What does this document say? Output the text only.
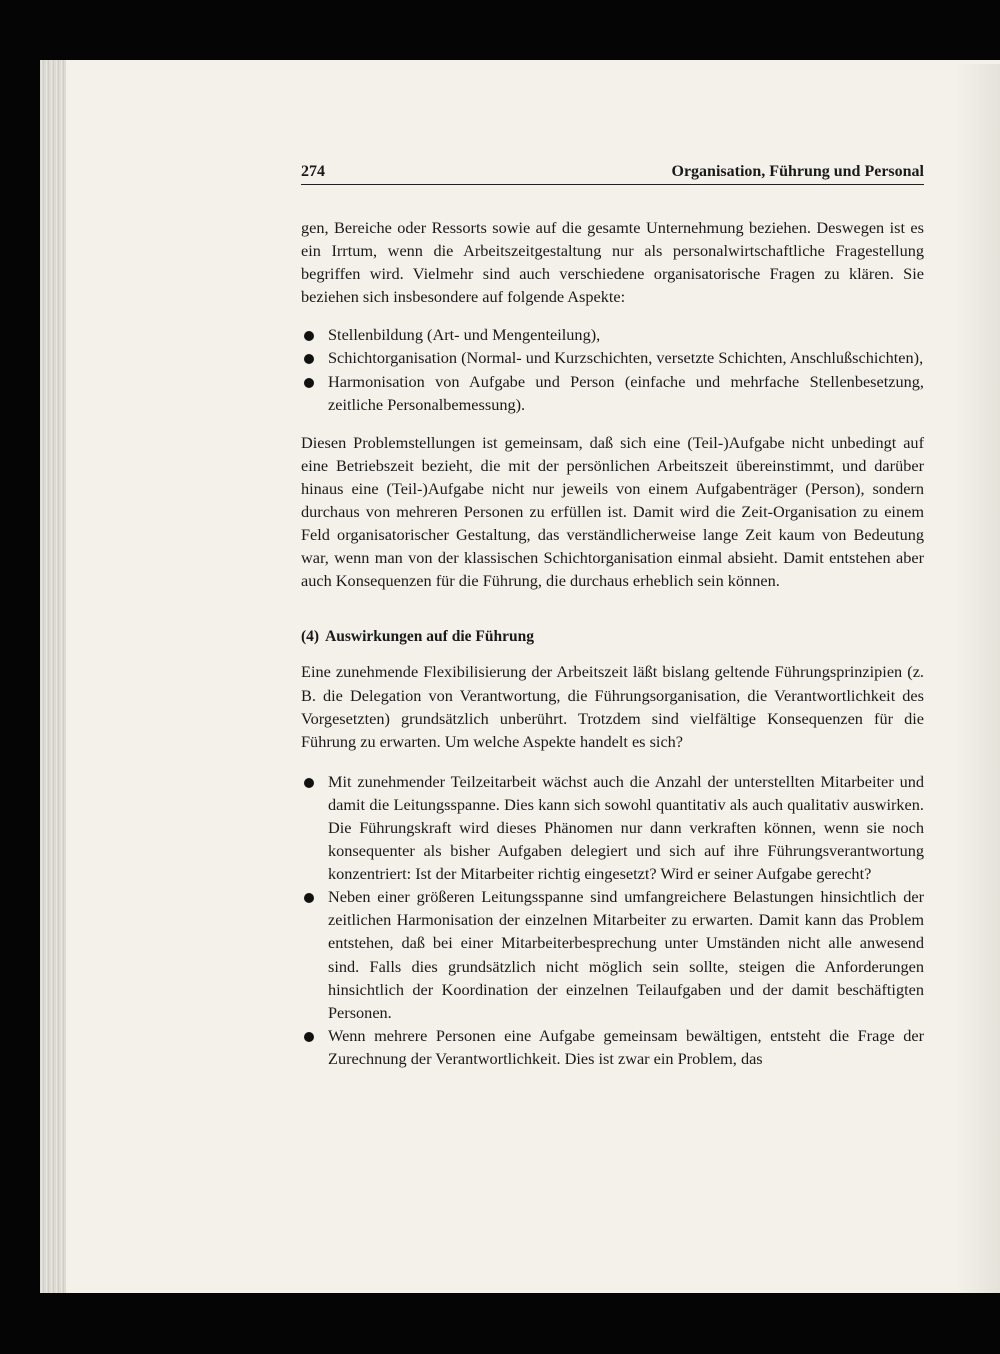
274	Organisation, Führung und Personal

gen, Bereiche oder Ressorts sowie auf die gesamte Unternehmung beziehen. Deswegen ist es ein Irrtum, wenn die Arbeitszeitgestaltung nur als personalwirtschaftliche Fragestellung begriffen wird. Vielmehr sind auch verschiedene organisatorische Fragen zu klären. Sie beziehen sich insbesondere auf folgende Aspekte:

Stellenbildung (Art- und Mengenteilung),
Schichtorganisation (Normal- und Kurzschichten, versetzte Schichten, Anschlußschichten),
Harmonisation von Aufgabe und Person (einfache und mehrfache Stellenbesetzung, zeitliche Personalbemessung).

Diesen Problemstellungen ist gemeinsam, daß sich eine (Teil-)Aufgabe nicht unbedingt auf eine Betriebszeit bezieht, die mit der persönlichen Arbeitszeit übereinstimmt, und darüber hinaus eine (Teil-)Aufgabe nicht nur jeweils von einem Aufgabenträger (Person), sondern durchaus von mehreren Personen zu erfüllen ist. Damit wird die Zeit-Organisation zu einem Feld organisatorischer Gestaltung, das verständlicherweise lange Zeit kaum von Bedeutung war, wenn man von der klassischen Schichtorganisation einmal absieht. Damit entstehen aber auch Konsequenzen für die Führung, die durchaus erheblich sein können.

(4) Auswirkungen auf die Führung

Eine zunehmende Flexibilisierung der Arbeitszeit läßt bislang geltende Führungsprinzipien (z. B. die Delegation von Verantwortung, die Führungsorganisation, die Verantwortlichkeit des Vorgesetzten) grundsätzlich unberührt. Trotzdem sind vielfältige Konsequenzen für die Führung zu erwarten. Um welche Aspekte handelt es sich?

Mit zunehmender Teilzeitarbeit wächst auch die Anzahl der unterstellten Mitarbeiter und damit die Leitungsspanne. Dies kann sich sowohl quantitativ als auch qualitativ auswirken. Die Führungskraft wird dieses Phänomen nur dann verkraften können, wenn sie noch konsequenter als bisher Aufgaben delegiert und sich auf ihre Führungsverantwortung konzentriert: Ist der Mitarbeiter richtig eingesetzt? Wird er seiner Aufgabe gerecht?
Neben einer größeren Leitungsspanne sind umfangreichere Belastungen hinsichtlich der zeitlichen Harmonisation der einzelnen Mitarbeiter zu erwarten. Damit kann das Problem entstehen, daß bei einer Mitarbeiterbesprechung unter Umständen nicht alle anwesend sind. Falls dies grundsätzlich nicht möglich sein sollte, steigen die Anforderungen hinsichtlich der Koordination der einzelnen Teilaufgaben und der damit beschäftigten Personen.
Wenn mehrere Personen eine Aufgabe gemeinsam bewältigen, entsteht die Frage der Zurechnung der Verantwortlichkeit. Dies ist zwar ein Problem, das
